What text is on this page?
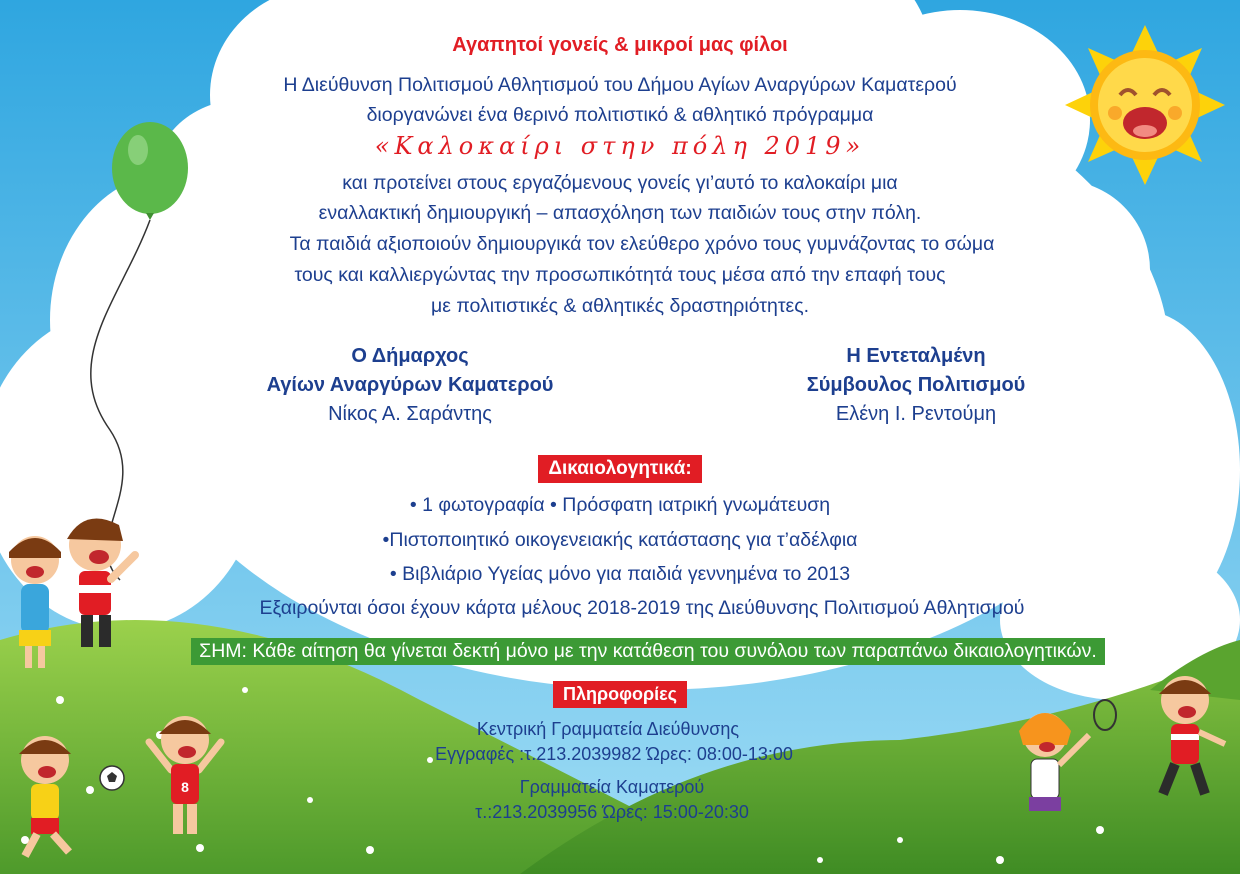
8
Αγαπητοί γονείς & μικροί μας φίλοι
Η Διεύθυνση Πολιτισμού Αθλητισμού του Δήμου Αγίων Αναργύρων Καματερού
διοργανώνει ένα θερινό πολιτιστικό & αθλητικό πρόγραμμα
«Καλοκαίρι στην πόλη 2019»
και προτείνει στους εργαζόμενους γονείς γι’αυτό το καλοκαίρι μια
εναλλακτική δημιουργική – απασχόληση των παιδιών τους στην πόλη.
Τα παιδιά αξιοποιούν δημιουργικά τον ελεύθερο χρόνο τους γυμνάζοντας το σώμα
τους και καλλιεργώντας την προσωπικότητά τους μέσα από την επαφή τους
με πολιτιστικές & αθλητικές δραστηριότητες.
Ο Δήμαρχος
Αγίων Αναργύρων Καματερού
Νίκος Α. Σαράντης
Η Εντεταλμένη
Σύμβουλος Πολιτισμού
Ελένη Ι. Ρεντούμη
Δικαιολογητικά:
• 1 φωτογραφία • Πρόσφατη ιατρική γνωμάτευση
•Πιστοποιητικό οικογενειακής κατάστασης για τ’αδέλφια
• Βιβλιάριο Υγείας μόνο για παιδιά γεννημένα το 2013
Εξαιρούνται όσοι έχουν κάρτα μέλους 2018-2019 της Διεύθυνσης Πολιτισμού Αθλητισμού
ΣΗΜ: Κάθε αίτηση θα γίνεται δεκτή μόνο με την κατάθεση του συνόλου των παραπάνω δικαιολογητικών.
Πληροφορίες
Κεντρική Γραμματεία Διεύθυνσης
Εγγραφές :τ.213.2039982 Ώρες: 08:00-13:00
Γραμματεία Καματερού
τ.:213.2039956 Ώρες: 15:00-20:30
